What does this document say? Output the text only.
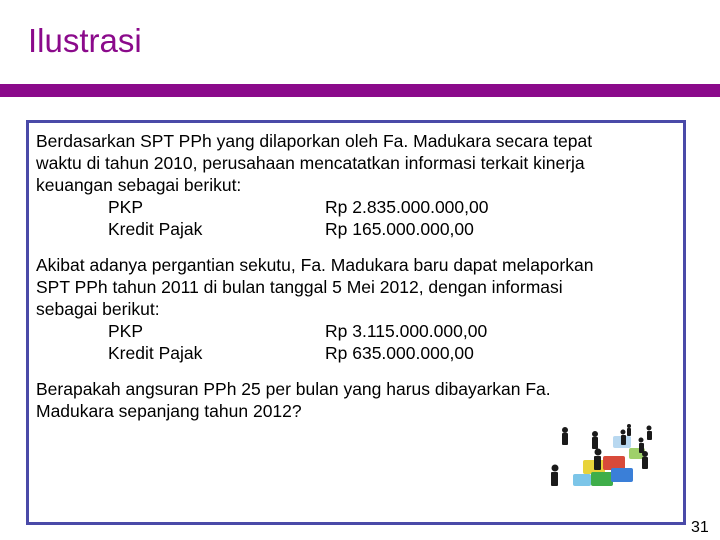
Ilustrasi

Berdasarkan SPT PPh yang dilaporkan oleh Fa. Madukara secara tepat
waktu di tahun 2010, perusahaan mencatatkan informasi terkait kinerja
keuangan sebagai berikut:

PKP	Rp 2.835.000.000,00
Kredit Pajak	Rp 165.000.000,00

Akibat adanya pergantian sekutu, Fa. Madukara baru dapat melaporkan
SPT PPh tahun 2011 di bulan tanggal 5 Mei 2012, dengan informasi
sebagai berikut:

PKP	Rp 3.115.000.000,00
Kredit Pajak	Rp 635.000.000,00

Berapakah angsuran PPh 25 per bulan yang harus dibayarkan Fa.
Madukara sepanjang tahun 2012?

31
